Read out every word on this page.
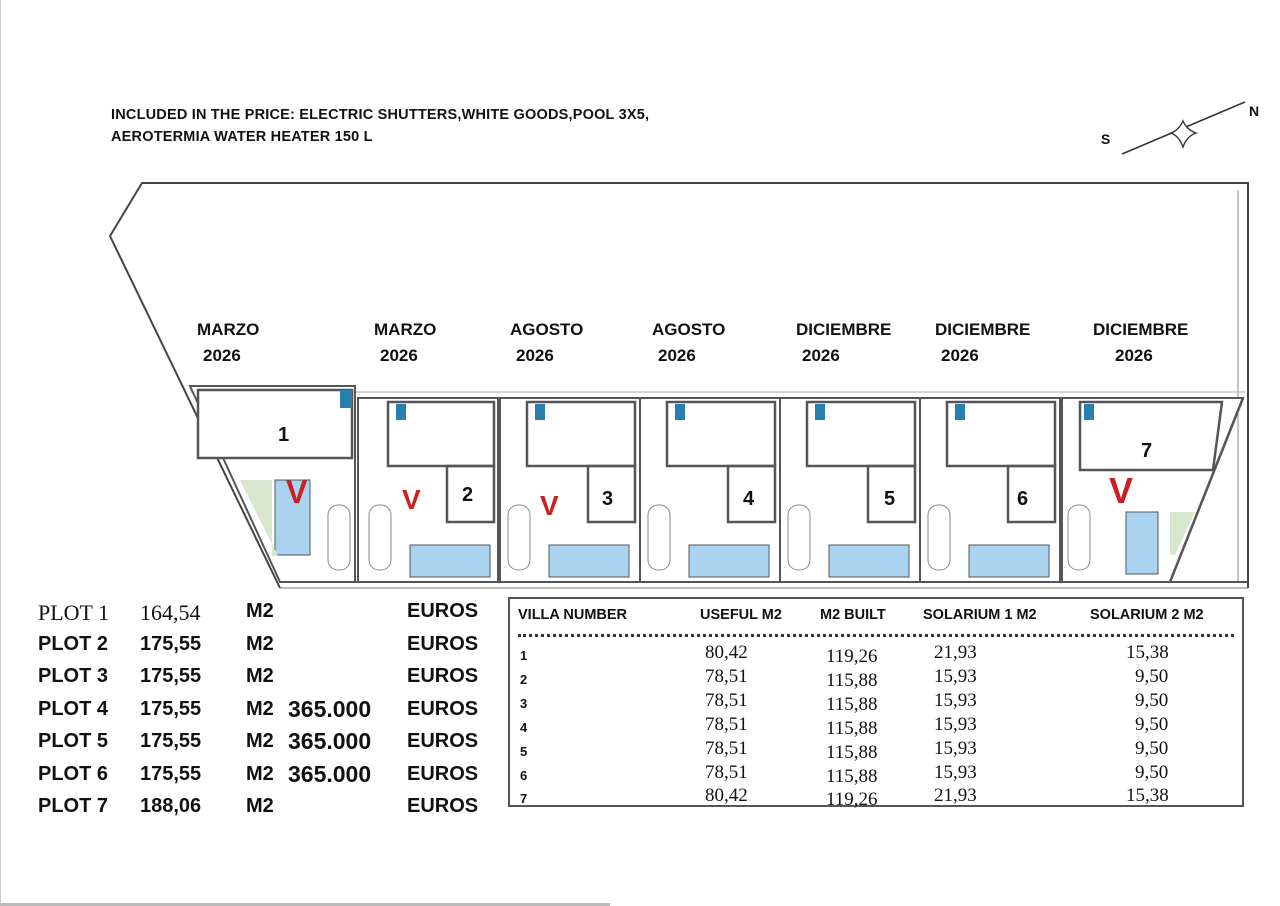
INCLUDED IN THE PRICE: ELECTRIC SHUTTERS,WHITE GOODS,POOL 3X5,
AEROTERMIA WATER HEATER 150 L	S
N
MARZO
2026
MARZO
2026
AGOSTO
2026
AGOSTO
2026
DICIEMBRE
2026
DICIEMBRE
2026
DICIEMBRE
2026
1
2	3	4	5	6
7
V	V	V	V
PLOT 1 164,54 M2	EUROS
PLOT 2 175,55 M2	EUROS
PLOT 3 175,55 M2	EUROS
PLOT 4 175,55 M2 365.000 EUROS
PLOT 5 175,55 M2 365.000 EUROS
PLOT 6 175,55 M2 365.000 EUROS
PLOT 7 188,06 M2	EUROS
VILLA NUMBER	USEFUL M2	M2 BUILT	SOLARIUM 1 M2	SOLARIUM 2 M2
1	80,42	119,26	21,93	15,38
2	78,51	115,88	15,93	9,50
3	78,51	115,88	15,93	9,50
4	78,51	115,88	15,93	9,50
5	78,51	115,88	15,93	9,50
6	78,51	115,88	15,93	9,50
7	80,42	119,26	21,93	15,38
